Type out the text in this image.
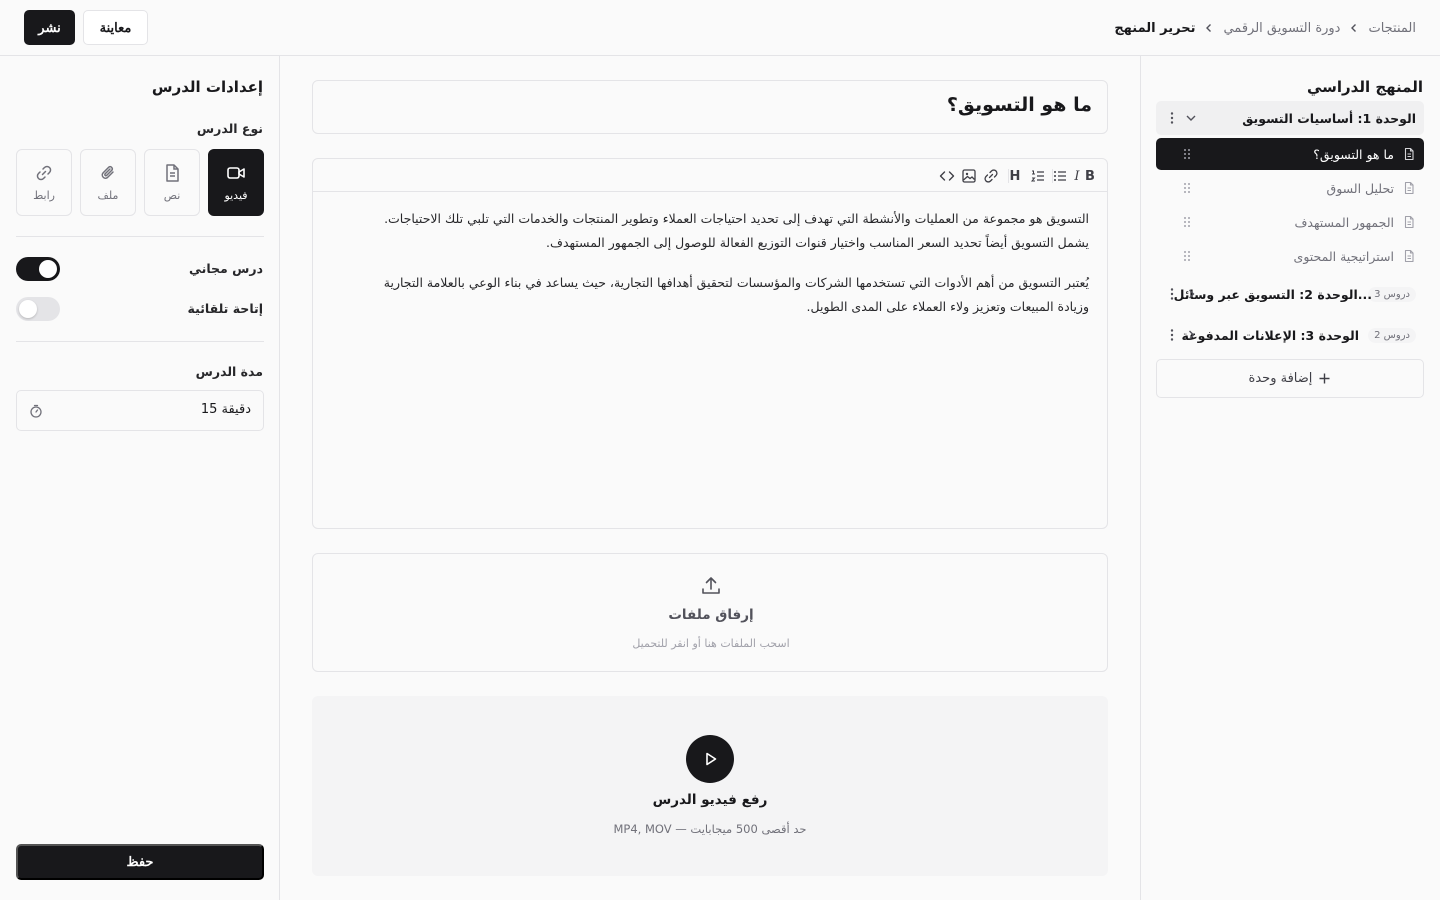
نشر	معاينة	المنتجات
دورة التسويق الرقمي
تحرير المنهج
إعدادات الدرس
نوع الدرس
فيديو
نص
ملف
رابط
درس مجاني
إتاحة تلقائية
مدة الدرس
15 دقيقة
حفظ
ما هو التسويق؟
B
I
H

التسويق هو مجموعة من العمليات والأنشطة التي تهدف إلى تحديد احتياجات العملاء وتطوير المنتجات والخدمات التي تلبي تلك الاحتياجات. يشمل التسويق أيضاً تحديد السعر المناسب واختيار قنوات التوزيع الفعالة للوصول إلى الجمهور المستهدف.

يُعتبر التسويق من أهم الأدوات التي تستخدمها الشركات والمؤسسات لتحقيق أهدافها التجارية، حيث يساعد في بناء الوعي بالعلامة التجارية وزيادة المبيعات وتعزيز ولاء العملاء على المدى الطويل.

إرفاق ملفات
اسحب الملفات هنا أو انقر للتحميل
رفع فيديو الدرس
MP4, MOV — حد أقصى 500 ميجابايت
المنهج الدراسي
الوحدة 1: أساسيات التسويق
ما هو التسويق؟
تحليل السوق
الجمهور المستهدف
استراتيجية المحتوى
3 دروس
الوحدة 2: التسويق عبر وسائل...
2 دروس
الوحدة 3: الإعلانات المدفوعة
إضافة وحدة
